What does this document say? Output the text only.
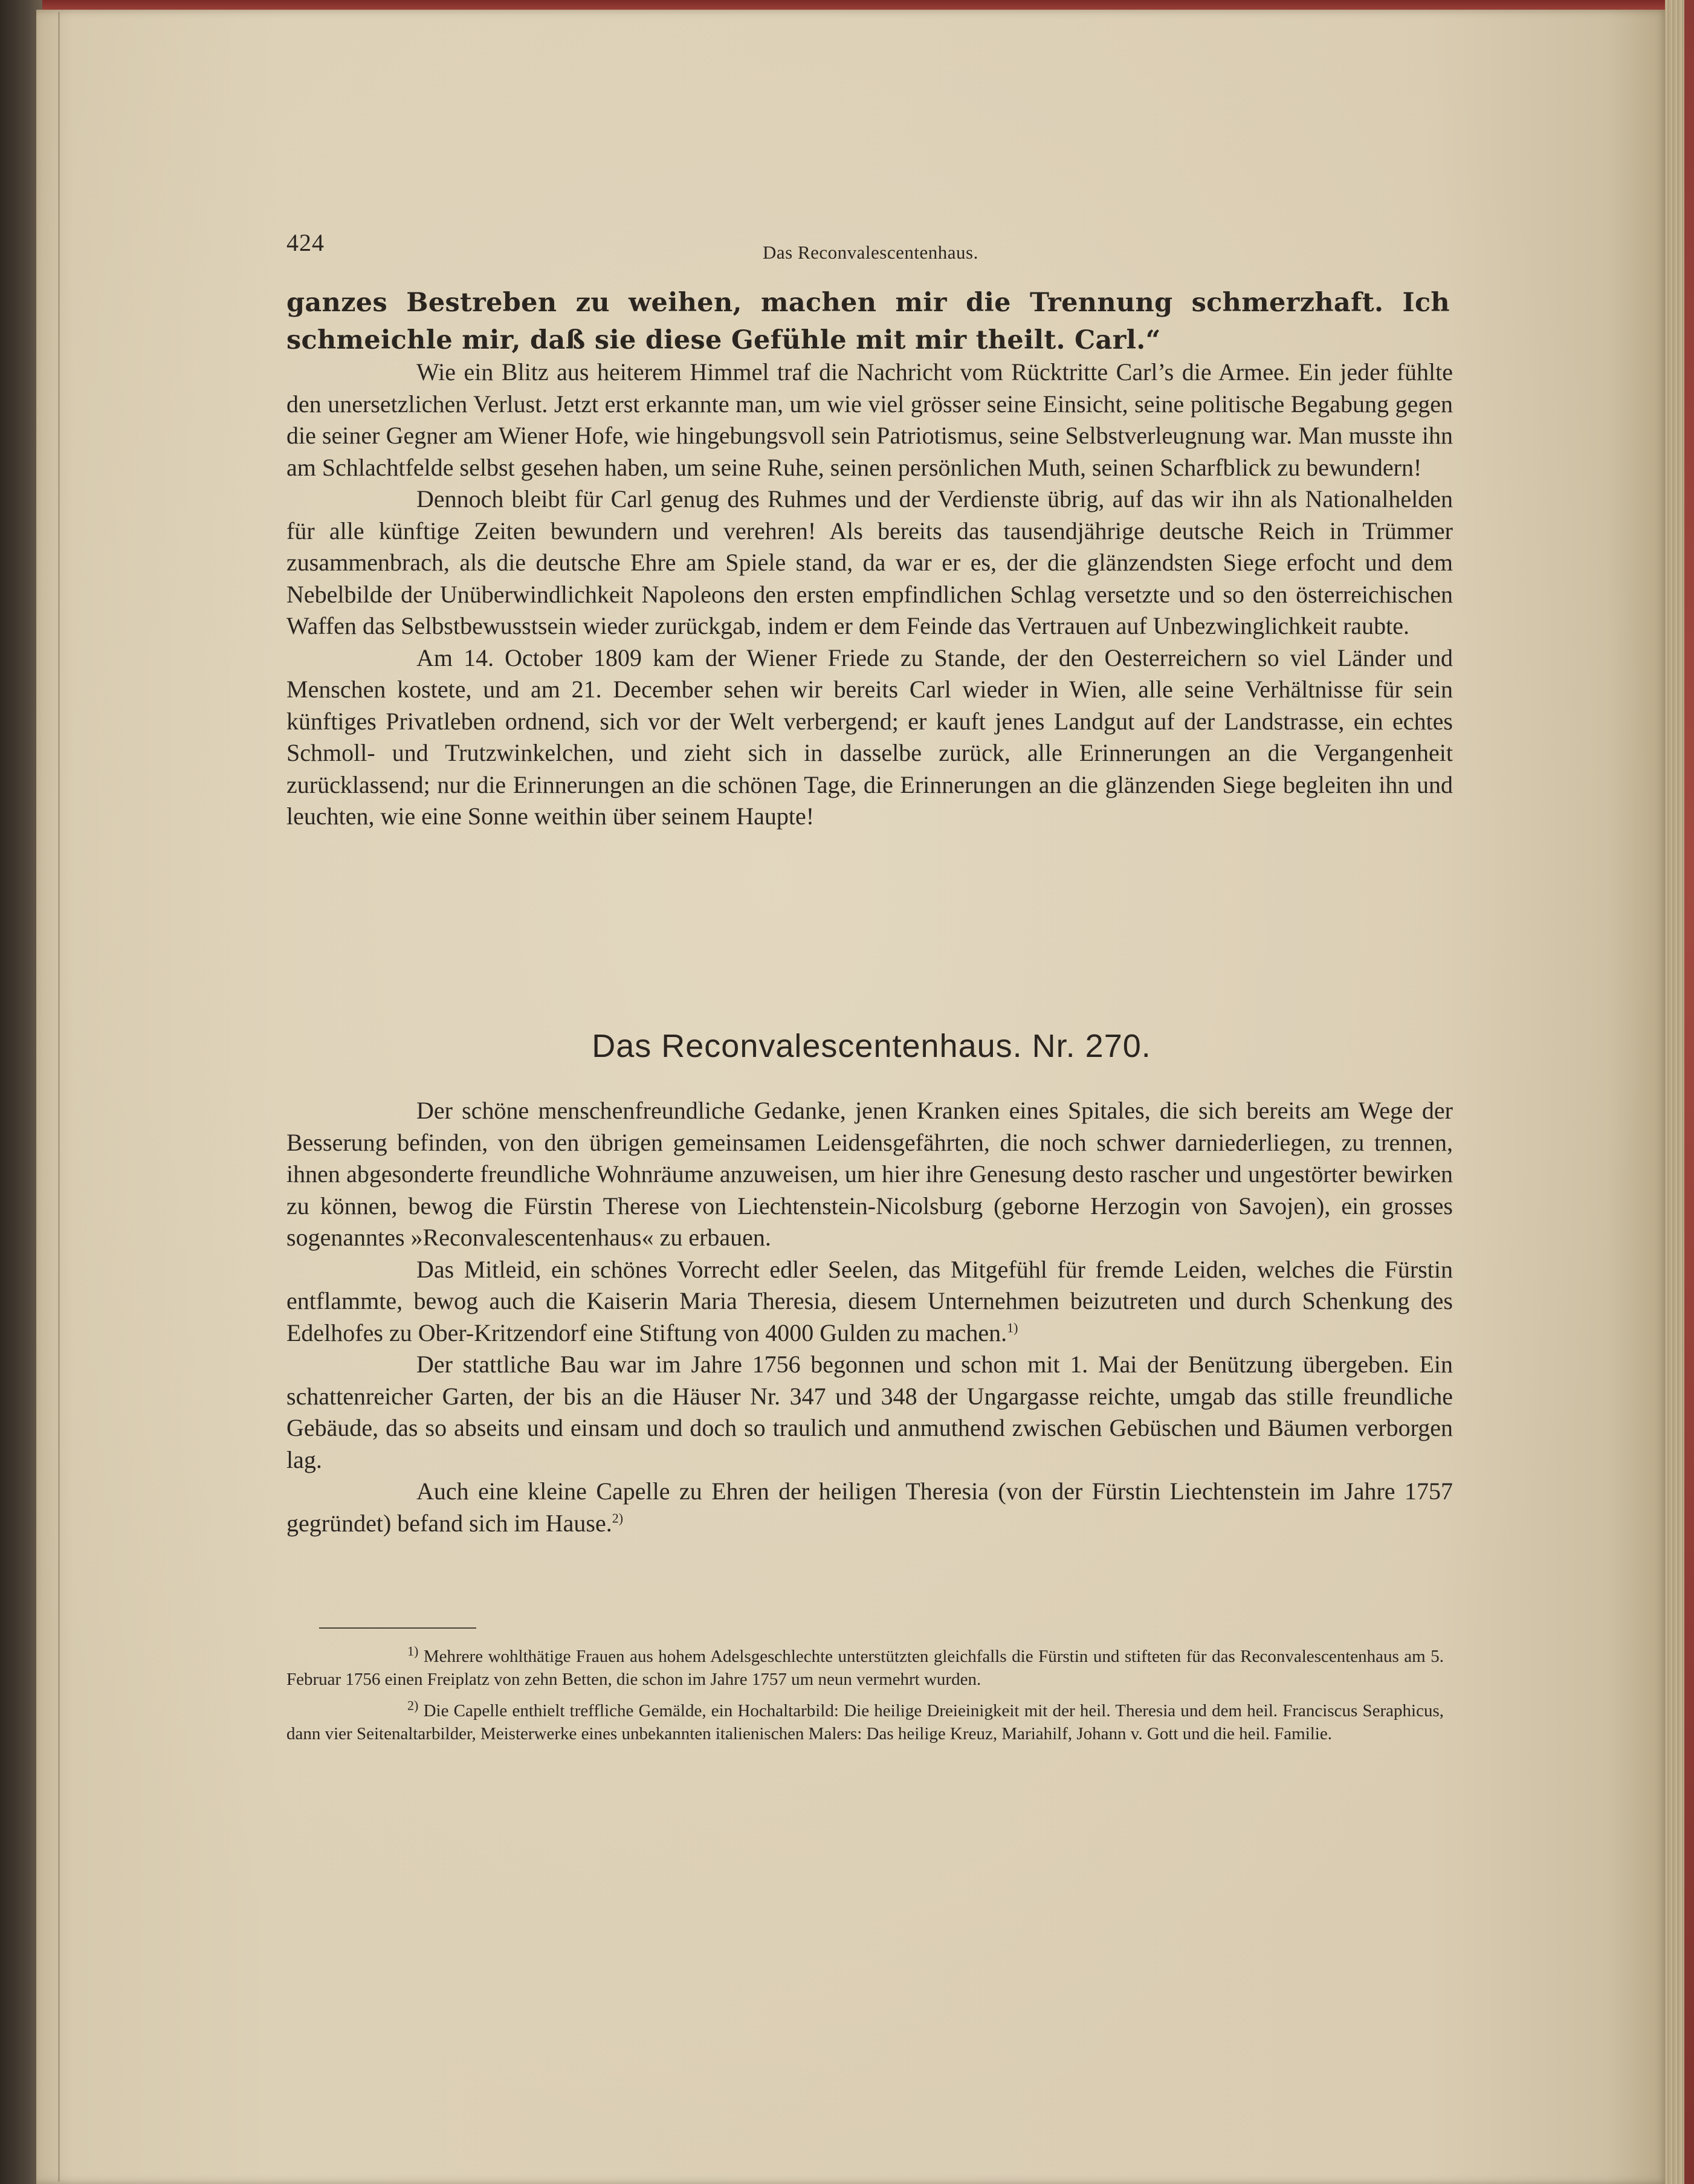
424	Das Reconvalescentenhaus.
ganzes Bestreben zu weihen, machen mir die Trennung schmerzhaft. Ich schmeichle mir, daß sie diese Gefühle mit mir theilt. Carl.“

Wie ein Blitz aus heiterem Himmel traf die Nachricht vom Rücktritte Carl’s die Armee. Ein jeder fühlte den unersetzlichen Verlust. Jetzt erst erkannte man, um wie viel grösser seine Einsicht, seine politische Begabung gegen die seiner Gegner am Wiener Hofe, wie hingebungsvoll sein Patriotismus, seine Selbstverleugnung war. Man musste ihn am Schlachtfelde selbst gesehen haben, um seine Ruhe, seinen persönlichen Muth, seinen Scharfblick zu bewundern!

Dennoch bleibt für Carl genug des Ruhmes und der Verdienste übrig, auf das wir ihn als Nationalhelden für alle künftige Zeiten bewundern und verehren! Als bereits das tausendjährige deutsche Reich in Trümmer zusammenbrach, als die deutsche Ehre am Spiele stand, da war er es, der die glänzendsten Siege erfocht und dem Nebelbilde der Unüberwindlichkeit Napoleons den ersten empfindlichen Schlag versetzte und so den österreichischen Waffen das Selbstbewusstsein wieder zurückgab, indem er dem Feinde das Vertrauen auf Unbezwinglichkeit raubte.

Am 14. October 1809 kam der Wiener Friede zu Stande, der den Oesterreichern so viel Länder und Menschen kostete, und am 21. December sehen wir bereits Carl wieder in Wien, alle seine Verhältnisse für sein künftiges Privatleben ordnend, sich vor der Welt verbergend; er kauft jenes Landgut auf der Landstrasse, ein echtes Schmoll- und Trutzwinkelchen, und zieht sich in dasselbe zurück, alle Erinnerungen an die Vergangenheit zurücklassend; nur die Erinnerungen an die schönen Tage, die Erinnerungen an die glänzenden Siege begleiten ihn und leuchten, wie eine Sonne weithin über seinem Haupte!

Das Reconvalescentenhaus. Nr. 270.

Der schöne menschenfreundliche Gedanke, jenen Kranken eines Spitales, die sich bereits am Wege der Besserung befinden, von den übrigen gemeinsamen Leidensgefährten, die noch schwer darniederliegen, zu trennen, ihnen abgesonderte freundliche Wohnräume anzuweisen, um hier ihre Genesung desto rascher und ungestörter bewirken zu können, bewog die Fürstin Therese von Liechtenstein-Nicolsburg (geborne Herzogin von Savojen), ein grosses sogenanntes »Reconvalescentenhaus« zu erbauen.

Das Mitleid, ein schönes Vorrecht edler Seelen, das Mitgefühl für fremde Leiden, welches die Fürstin entflammte, bewog auch die Kaiserin Maria Theresia, diesem Unternehmen beizutreten und durch Schenkung des Edelhofes zu Ober-Kritzendorf eine Stiftung von 4000 Gulden zu machen.$^{1)}$

Der stattliche Bau war im Jahre 1756 begonnen und schon mit 1. Mai der Benützung übergeben. Ein schattenreicher Garten, der bis an die Häuser Nr. 347 und 348 der Ungargasse reichte, umgab das stille freundliche Gebäude, das so abseits und einsam und doch so traulich und anmuthend zwischen Gebüschen und Bäumen verborgen lag.

Auch eine kleine Capelle zu Ehren der heiligen Theresia (von der Fürstin Liechtenstein im Jahre 1757 gegründet) befand sich im Hause.$^{2)}$

$^{1)}$ Mehrere wohlthätige Frauen aus hohem Adelsgeschlechte unterstützten gleichfalls die Fürstin und stifteten für das Reconvalescentenhaus am 5. Februar 1756 einen Freiplatz von zehn Betten, die schon im Jahre 1757 um neun vermehrt wurden.

$^{2)}$ Die Capelle enthielt treffliche Gemälde, ein Hochaltarbild: Die heilige Dreieinigkeit mit der heil. Theresia und dem heil. Franciscus Seraphicus, dann vier Seitenaltarbilder, Meisterwerke eines unbekannten italienischen Malers: Das heilige Kreuz, Mariahilf, Johann v. Gott und die heil. Familie.
